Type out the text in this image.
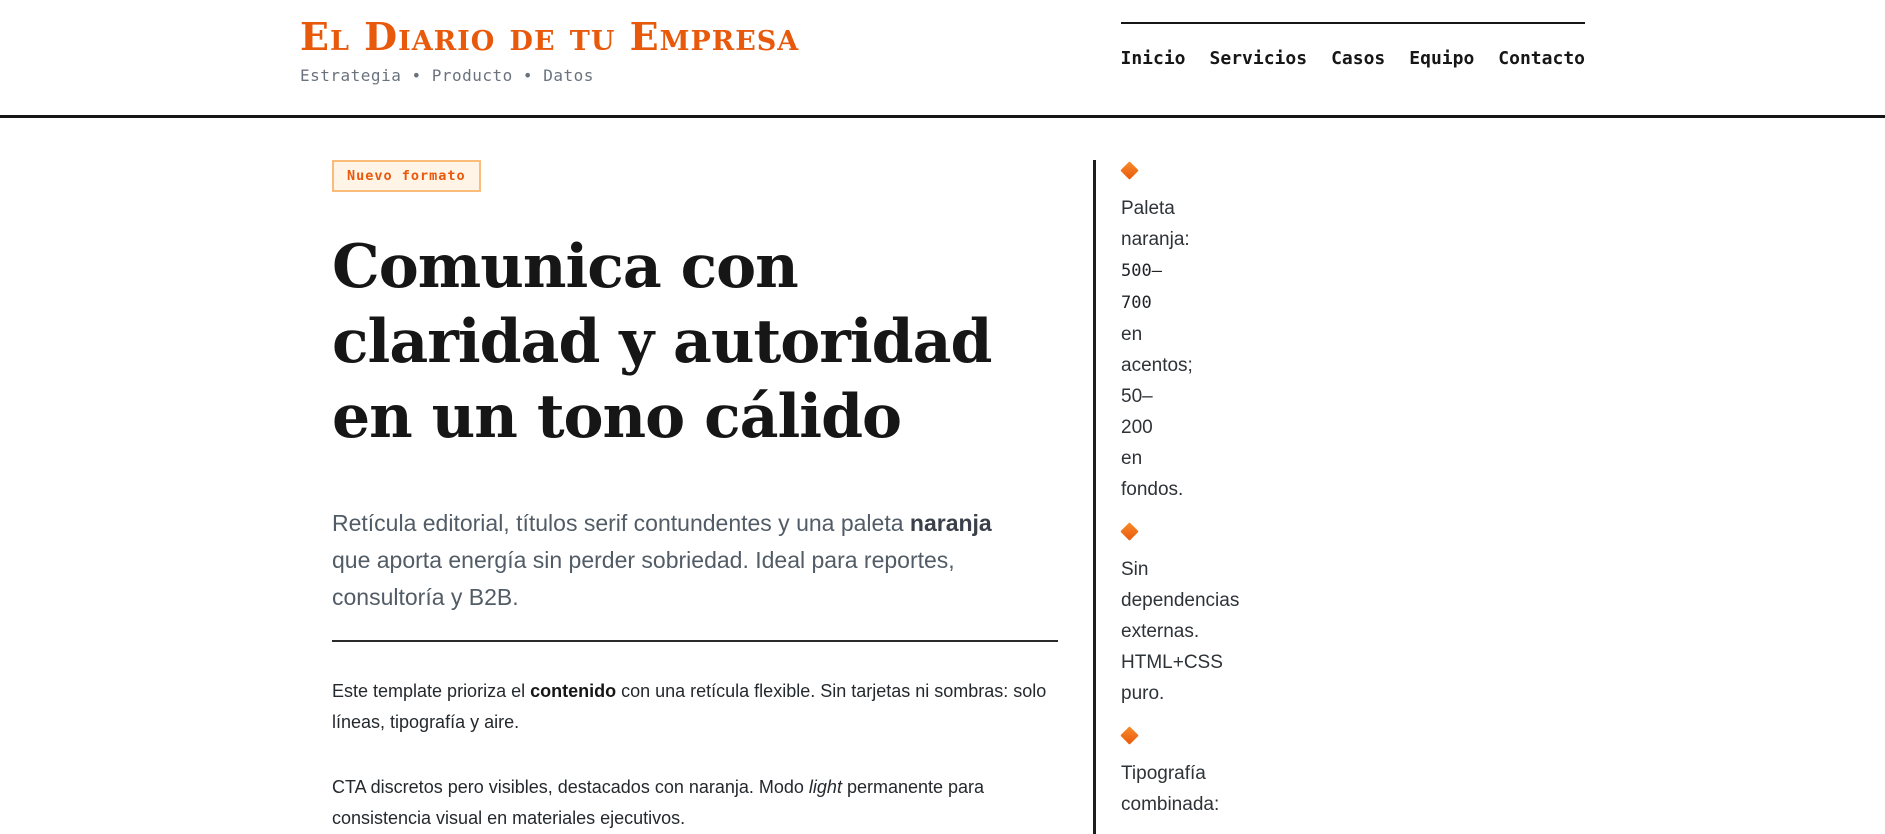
El Diario de tu Empresa
Estrategia • Producto • Datos
Inicio Servicios Casos Equipo Contacto
Nuevo formato
Comunica con
claridad y autoridad
en un tono cálido

Retícula editorial, títulos serif contundentes y una paleta naranja que aporta energía sin perder sobriedad. Ideal para reportes, consultoría y B2B.

Este template prioriza el contenido con una retícula flexible. Sin tarjetas ni sombras: solo líneas, tipografía y aire.

CTA discretos pero visibles, destacados con naranja. Modo light permanente para consistencia visual en materiales ejecutivos.

Paleta naranja: 500–700 en acentos; 50–200 en fondos.
Sin dependencias externas. HTML+CSS puro.
Tipografía combinada:
